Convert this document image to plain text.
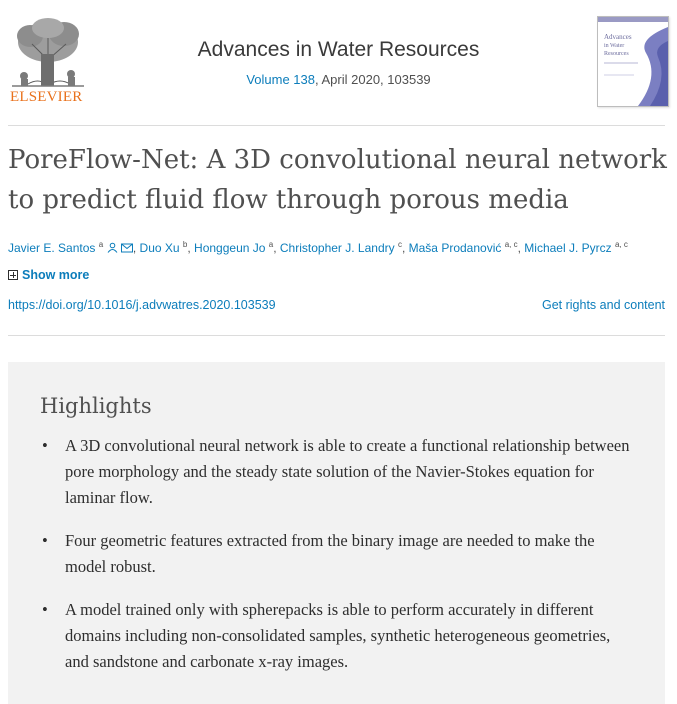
ELSEVIER
Advances in Water Resources
Volume 138, April 2020, 103539
Advances
in Water
Resources
PoreFlow-Net: A 3D convolutional neural network to predict fluid flow through porous media
Javier E. Santos $^a$ , Duo Xu $^b$, Honggeun Jo $^a$, Christopher J. Landry $^c$, Maša Prodanović $^{a, c}$, Michael J. Pyrcz $^{a, c}$
Show more
https://doi.org/10.1016/j.advwatres.2020.103539	Get rights and content
Highlights
• A 3D convolutional neural network is able to create a functional relationship between pore morphology and the steady state solution of the Navier-Stokes equation for laminar flow.
• Four geometric features extracted from the binary image are needed to make the model robust.
• A model trained only with spherepacks is able to perform accurately in different domains including non-consolidated samples, synthetic heterogeneous geometries, and sandstone and carbonate x-ray images.
